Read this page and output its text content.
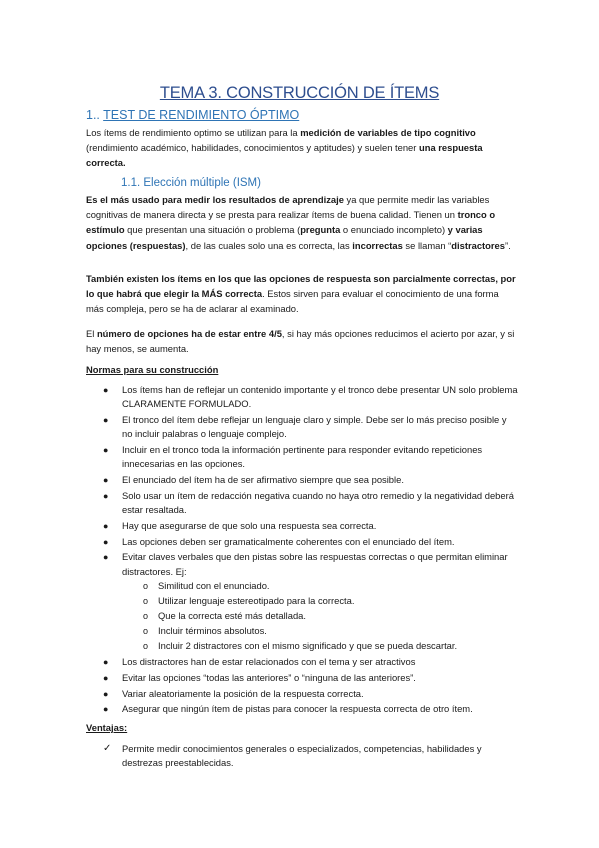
TEMA 3. CONSTRUCCIÓN DE ÍTEMS
1.. TEST DE RENDIMIENTO ÓPTIMO
Los ítems de rendimiento optimo se utilizan para la medición de variables de tipo cognitivo (rendimiento académico, habilidades, conocimientos y aptitudes) y suelen tener una respuesta correcta.
1.1. Elección múltiple (ISM)
Es el más usado para medir los resultados de aprendizaje ya que permite medir las variables cognitivas de manera directa y se presta para realizar ítems de buena calidad. Tienen un tronco o estímulo que presentan una situación o problema (pregunta o enunciado incompleto) y varias opciones (respuestas), de las cuales solo una es correcta, las incorrectas se llaman “distractores”.
También existen los ítems en los que las opciones de respuesta son parcialmente correctas, por lo que habrá que elegir la MÁS correcta. Estos sirven para evaluar el conocimiento de una forma más compleja, pero se ha de aclarar al examinado.
El número de opciones ha de estar entre 4/5, si hay más opciones reducimos el acierto por azar, y si hay menos, se aumenta.
Normas para su construcción
● Los ítems han de reflejar un contenido importante y el tronco debe presentar UN solo problema CLARAMENTE FORMULADO.
● El tronco del ítem debe reflejar un lenguaje claro y simple. Debe ser lo más preciso posible y no incluir palabras o lenguaje complejo.
● Incluir en el tronco toda la información pertinente para responder evitando repeticiones innecesarias en las opciones.
● El enunciado del ítem ha de ser afirmativo siempre que sea posible.
● Solo usar un ítem de redacción negativa cuando no haya otro remedio y la negatividad deberá estar resaltada.
● Hay que asegurarse de que solo una respuesta sea correcta.
● Las opciones deben ser gramaticalmente coherentes con el enunciado del ítem.
● Evitar claves verbales que den pistas sobre las respuestas correctas o que permitan eliminar distractores. Ej:
o Similitud con el enunciado.
o Utilizar lenguaje estereotipado para la correcta.
o Que la correcta esté más detallada.
o Incluir términos absolutos.
o Incluir 2 distractores con el mismo significado y que se pueda descartar.
● Los distractores han de estar relacionados con el tema y ser atractivos
● Evitar las opciones “todas las anteriores” o “ninguna de las anteriores”.
● Variar aleatoriamente la posición de la respuesta correcta.
● Asegurar que ningún ítem de pistas para conocer la respuesta correcta de otro ítem.
Ventajas:
✓ Permite medir conocimientos generales o especializados, competencias, habilidades y destrezas preestablecidas.
